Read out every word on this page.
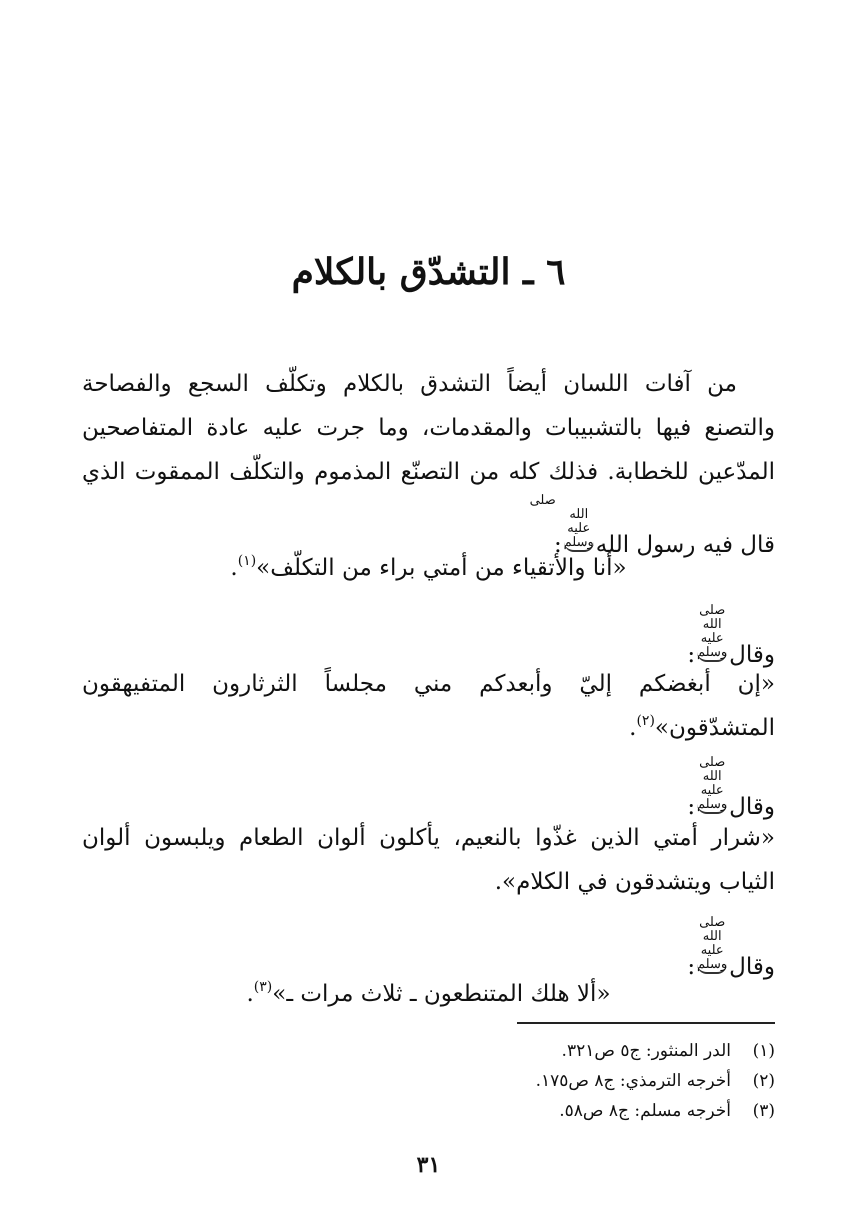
٦ ـ التشدّق بالكلام

من آفات اللسان أيضاً التشدق بالكلام وتكلّف السجع والفصاحة والتصنع فيها بالتشبيبات والمقدمات، وما جرت عليه عادة المتفاصحين المدّعين للخطابة. فذلك كله من التصنّع المذموم والتكلّف الممقوت الذي قال فيه رسول اللهصلى الله عليه وسلم:

«أنا والأتقياء من أمتي براء من التكلّف»$^{(١)}$.

وقالصلى الله عليه وسلم:

«إن أبغضكم إليّ وأبعدكم مني مجلساً الثرثارون المتفيهقون المتشدّقون»$^{(٢)}$.

وقالصلى الله عليه وسلم:

«شرار أمتي الذين غذّوا بالنعيم، يأكلون ألوان الطعام ويلبسون ألوان الثياب ويتشدقون في الكلام».

وقالصلى الله عليه وسلم:

«ألا هلك المتنطعون ـ ثلاث مرات ـ»$^{(٣)}$.

(١)الدر المنثور: ج٥ ص٣٢١.

(٢)أخرجه الترمذي: ج٨ ص١٧٥.

(٣)أخرجه مسلم: ج٨ ص٥٨.

٣١
